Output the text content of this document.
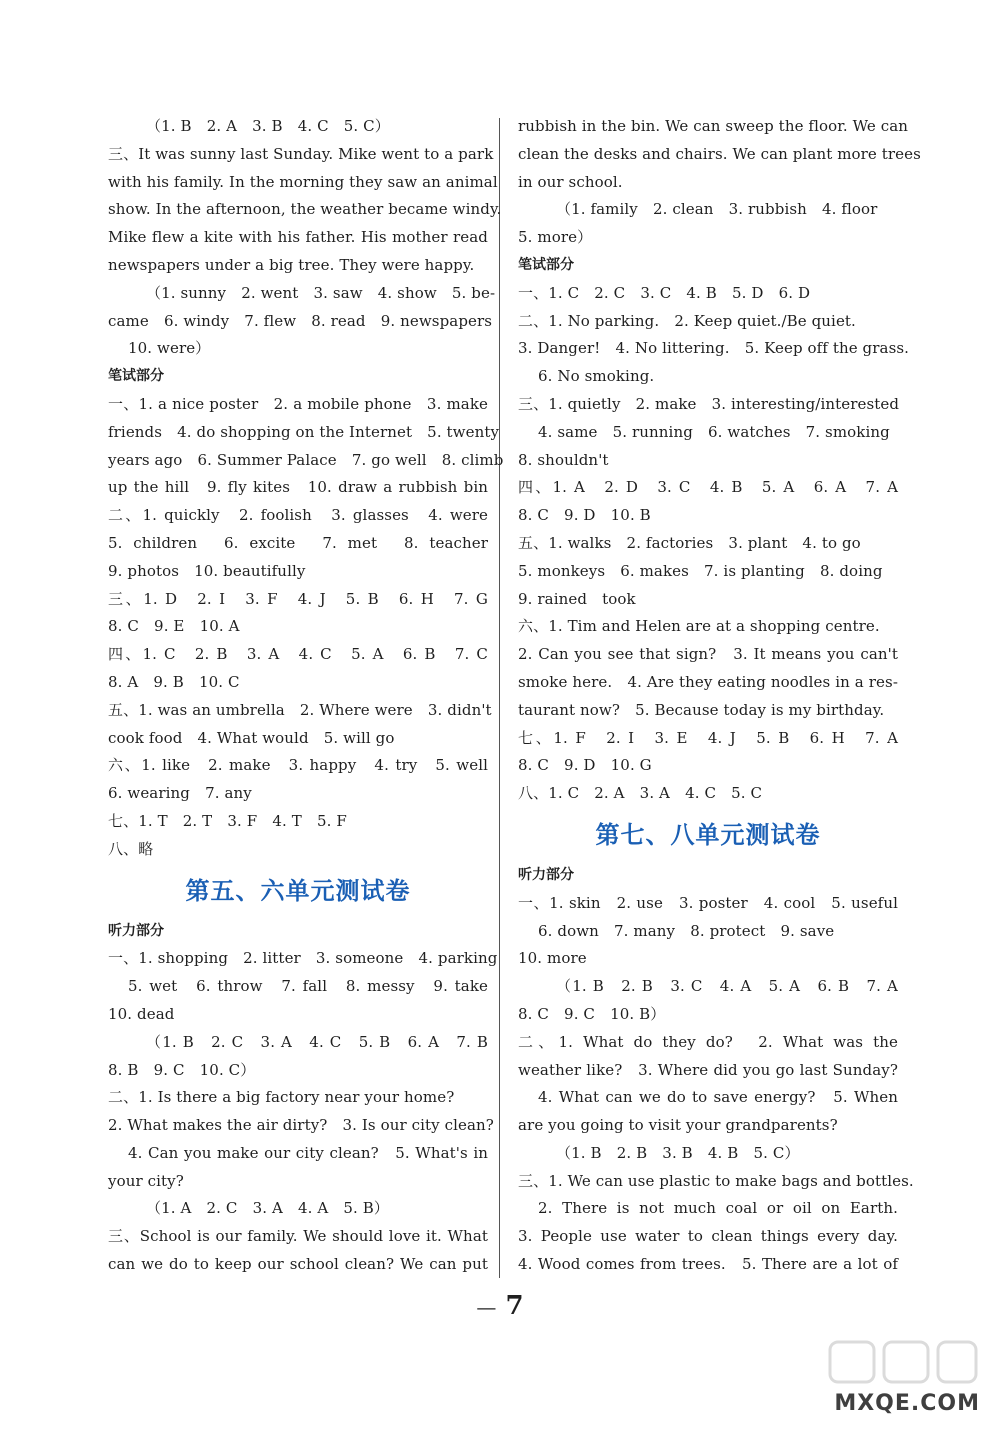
（1. B　2. A　3. B　4. C　5. C）
三、It was sunny last Sunday. Mike went to a park
with his family. In the morning they saw an animal
show. In the afternoon, the weather became windy.
Mike flew a kite with his father. His mother read
newspapers under a big tree. They were happy.
（1. sunny　2. went　3. saw　4. show　5. be-
came　6. windy　7. flew　8. read　9. newspapers
10. were）
笔试部分
一、1. a nice poster　2. a mobile phone　3. make
friends　4. do shopping on the Internet　5. twenty
years ago　6. Summer Palace　7. go well　8. climb
up the hill　9. fly kites　10. draw a rubbish bin
二、1. quickly　2. foolish　3. glasses　4. were
5. children　6. excite　7. met　8. teacher
9. photos　10. beautifully
三、1. D　2. I　3. F　4. J　5. B　6. H　7. G
8. C　9. E　10. A
四、1. C　2. B　3. A　4. C　5. A　6. B　7. C
8. A　9. B　10. C
五、1. was an umbrella　2. Where were　3. didn't
cook food　4. What would　5. will go
六、1. like　2. make　3. happy　4. try　5. well
6. wearing　7. any
七、1. T　2. T　3. F　4. T　5. F
八、略
第五、六单元测试卷
听力部分
一、1. shopping　2. litter　3. someone　4. parking
5. wet　6. throw　7. fall　8. messy　9. take
10. dead
（1. B　2. C　3. A　4. C　5. B　6. A　7. B
8. B　9. C　10. C）
二、1. Is there a big factory near your home?
2. What makes the air dirty?　3. Is our city clean?
4. Can you make our city clean?　5. What's in
your city?
（1. A　2. C　3. A　4. A　5. B）
三、School is our family. We should love it. What
can we do to keep our school clean? We can put
rubbish in the bin. We can sweep the floor. We can
clean the desks and chairs. We can plant more trees
in our school.
（1. family　2. clean　3. rubbish　4. floor
5. more）
笔试部分
一、1. C　2. C　3. C　4. B　5. D　6. D
二、1. No parking.　2. Keep quiet./Be quiet.
3. Danger!　4. No littering.　5. Keep off the grass.
6. No smoking.
三、1. quietly　2. make　3. interesting/interested
4. same　5. running　6. watches　7. smoking
8. shouldn't
四、1. A　2. D　3. C　4. B　5. A　6. A　7. A
8. C　9. D　10. B
五、1. walks　2. factories　3. plant　4. to go
5. monkeys　6. makes　7. is planting　8. doing
9. rained　took
六、1. Tim and Helen are at a shopping centre.
2. Can you see that sign?　3. It means you can't
smoke here.　4. Are they eating noodles in a res-
taurant now?　5. Because today is my birthday.
七、1. F　2. I　3. E　4. J　5. B　6. H　7. A
8. C　9. D　10. G
八、1. C　2. A　3. A　4. C　5. C
第七、八单元测试卷
听力部分
一、1. skin　2. use　3. poster　4. cool　5. useful
6. down　7. many　8. protect　9. save
10. more
（1. B　2. B　3. C　4. A　5. A　6. B　7. A
8. C　9. C　10. B）
二、1. What do they do?　2. What was the
weather like?　3. Where did you go last Sunday?
4. What can we do to save energy?　5. When
are you going to visit your grandparents?
（1. B　2. B　3. B　4. B　5. C）
三、1. We can use plastic to make bags and bottles.
2. There is not much coal or oil on Earth.
3. People use water to clean things every day.
4. Wood comes from trees.　5. There are a lot of
— 7
MXQE.COM
